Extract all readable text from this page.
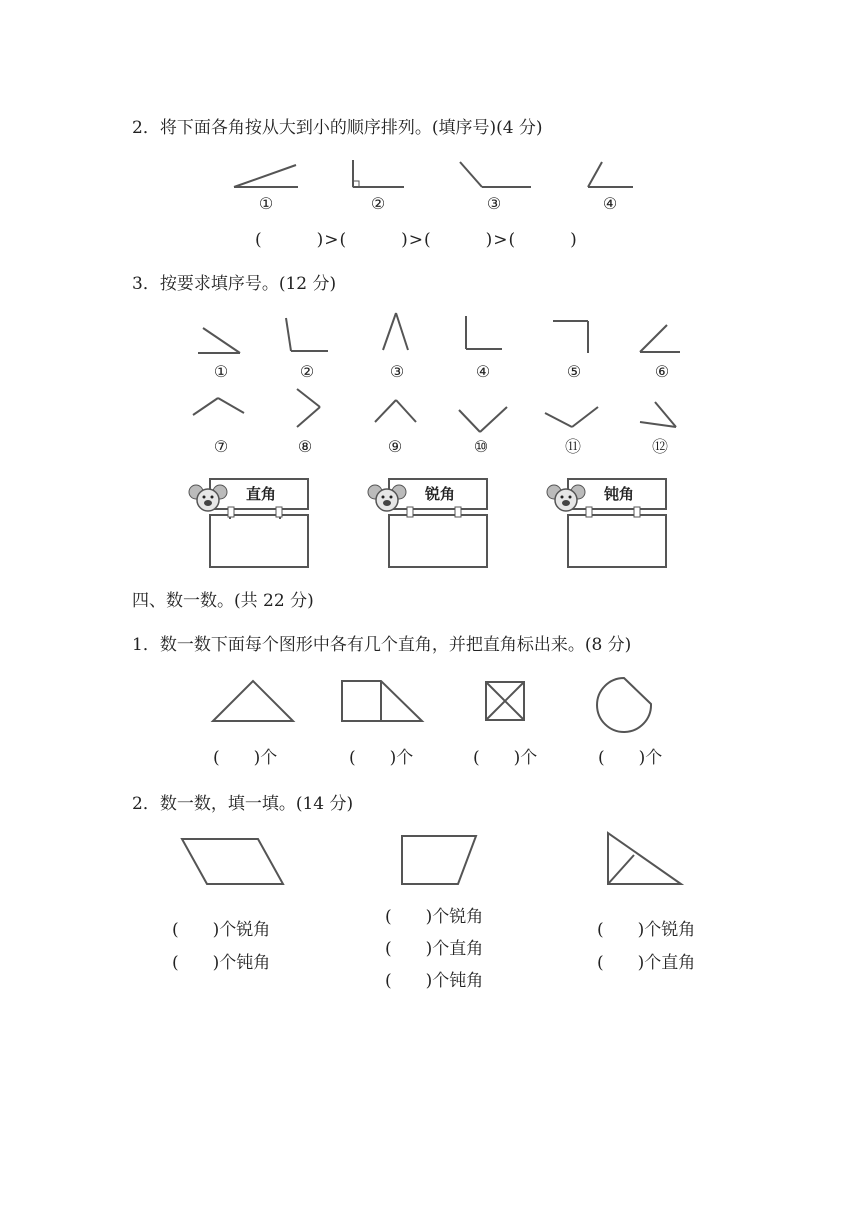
2．将下面各角按从大到小的顺序排列。(填序号)(4 分)
①	②	③	④
(　　　)>(　　　)>(　　　)>(　　　)
3．按要求填序号。(12 分)
①	②	③	④	⑤	⑥
⑦	⑧	⑨	⑩	⑪	⑫
直角	锐角	钝角
四、数一数。(共 22 分)
1．数一数下面每个图形中各有几个直角，并把直角标出来。(8 分)
(　　)个	(　　)个	(　　)个	(　　)个
2．数一数，填一填。(14 分)
(　　)个锐角
(　　)个钝角
(　　)个锐角
(　　)个直角
(　　)个钝角
(　　)个锐角
(　　)个直角
